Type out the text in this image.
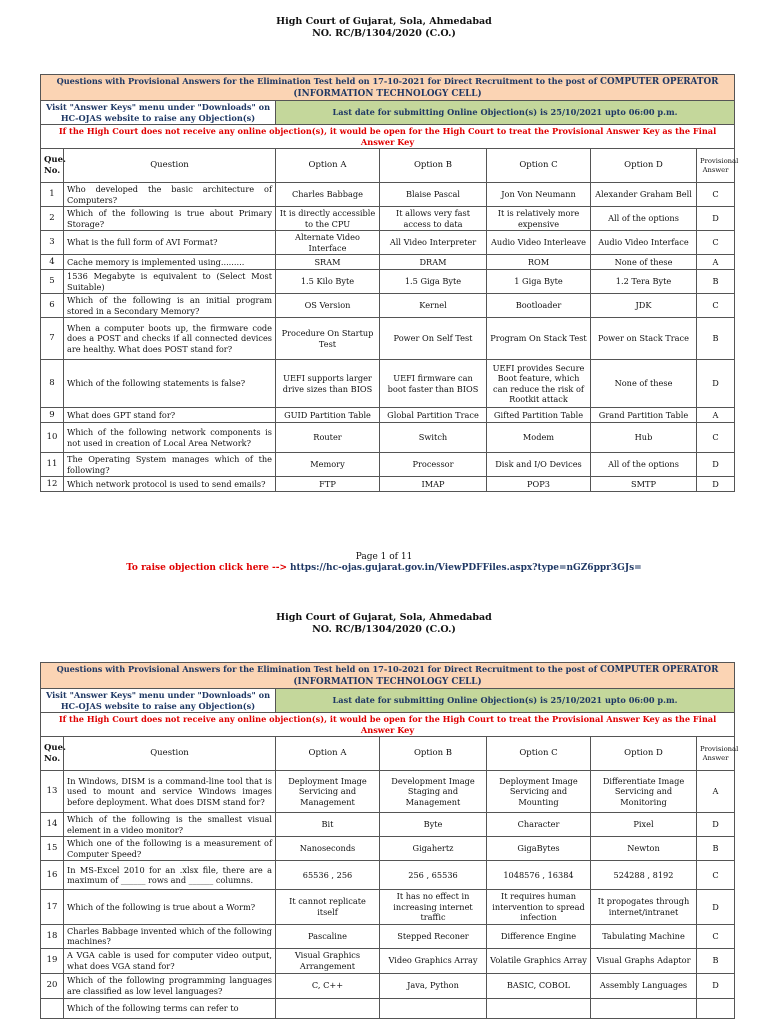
High Court of Gujarat, Sola, Ahmedabad
NO. RC/B/1304/2020 (C.O.)
Questions with Provisional Answers for the Elimination Test held on 17-10-2021 for Direct Recruitment to the post of COMPUTER OPERATOR (INFORMATION TECHNOLOGY CELL)						
Visit "Answer Keys" menu under "Downloads" on HC-OJAS website to raise any Objection(s)		Last date for submitting Online Objection(s) is 25/10/2021 upto 06:00 p.m.				
If the High Court does not receive any online objection(s), it would be open for the High Court to treat the Provisional Answer Key as the Final Answer Key						
Que. No.	Question	Option A	Option B	Option C	Option D	Provisional Answer
1	Who developed the basic architecture of Computers?	Charles Babbage	Blaise Pascal	Jon Von Neumann	Alexander Graham Bell	C
2	Which of the following is true about Primary Storage?	It is directly accessible to the CPU	It allows very fast access to data	It is relatively more expensive	All of the options	D
3	What is the full form of AVI Format?	Alternate Video Interface	All Video Interpreter	Audio Video Interleave	Audio Video Interface	C
4	Cache memory is implemented using.........	SRAM	DRAM	ROM	None of these	A
5	1536 Megabyte is equivalent to (Select Most Suitable)	1.5 Kilo Byte	1.5 Giga Byte	1 Giga Byte	1.2 Tera Byte	B
6	Which of the following is an initial program stored in a Secondary Memory?	OS Version	Kernel	Bootloader	JDK	C
7	When a computer boots up, the firmware code does a POST and checks if all connected devices are healthy. What does POST stand for?	Procedure On Startup Test	Power On Self Test	Program On Stack Test	Power on Stack Trace	B
8	Which of the following statements is false?	UEFI supports larger drive sizes than BIOS	UEFI firmware can boot faster than BIOS	UEFI provides Secure Boot feature, which can reduce the risk of Rootkit attack	None of these	D
9	What does GPT stand for?	GUID Partition Table	Global Partition Trace	Gifted Partition Table	Grand Partition Table	A
10	Which of the following network components is not used in creation of Local Area Network?	Router	Switch	Modem	Hub	C
11	The Operating System manages which of the following?	Memory	Processor	Disk and I/O Devices	All of the options	D
12	Which network protocol is used to send emails?	FTP	IMAP	POP3	SMTP	D
Page 1 of 11
To raise objection click here --> https://hc-ojas.gujarat.gov.in/ViewPDFFiles.aspx?type=nGZ6ppr3GJs=
High Court of Gujarat, Sola, Ahmedabad
NO. RC/B/1304/2020 (C.O.)
Questions with Provisional Answers for the Elimination Test held on 17-10-2021 for Direct Recruitment to the post of COMPUTER OPERATOR (INFORMATION TECHNOLOGY CELL)						
Visit "Answer Keys" menu under "Downloads" on HC-OJAS website to raise any Objection(s)		Last date for submitting Online Objection(s) is 25/10/2021 upto 06:00 p.m.				
If the High Court does not receive any online objection(s), it would be open for the High Court to treat the Provisional Answer Key as the Final Answer Key						
Que. No.	Question	Option A	Option B	Option C	Option D	Provisional Answer
13	In Windows, DISM is a command-line tool that is used to mount and service Windows images before deployment. What does DISM stand for?	Deployment Image Servicing and Management	Development Image Staging and Management	Deployment Image Servicing and Mounting	Differentiate Image Servicing and Monitoring	A
14	Which of the following is the smallest visual element in a video monitor?	Bit	Byte	Character	Pixel	D
15	Which one of the following is a measurement of Computer Speed?	Nanoseconds	Gigahertz	GigaBytes	Newton	B
16	In MS-Excel 2010 for an .xlsx file, there are a maximum of ______ rows and ______ columns.	65536 , 256	256 , 65536	1048576 , 16384	524288 , 8192	C
17	Which of the following is true about a Worm?	It cannot replicate itself	It has no effect in increasing internet traffic	It requires human intervention to spread infection	It propogates through internet/intranet	D
18	Charles Babbage invented which of the following machines?	Pascaline	Stepped Reconer	Difference Engine	Tabulating Machine	C
19	A VGA cable is used for computer video output, what does VGA stand for?	Visual Graphics Arrangement	Video Graphics Array	Volatile Graphics Array	Visual Graphs Adaptor	B
20	Which of the following programming languages are classified as low level languages?	C, C++	Java, Python	BASIC, COBOL	Assembly Languages	D
	Which of the following terms can refer to					
